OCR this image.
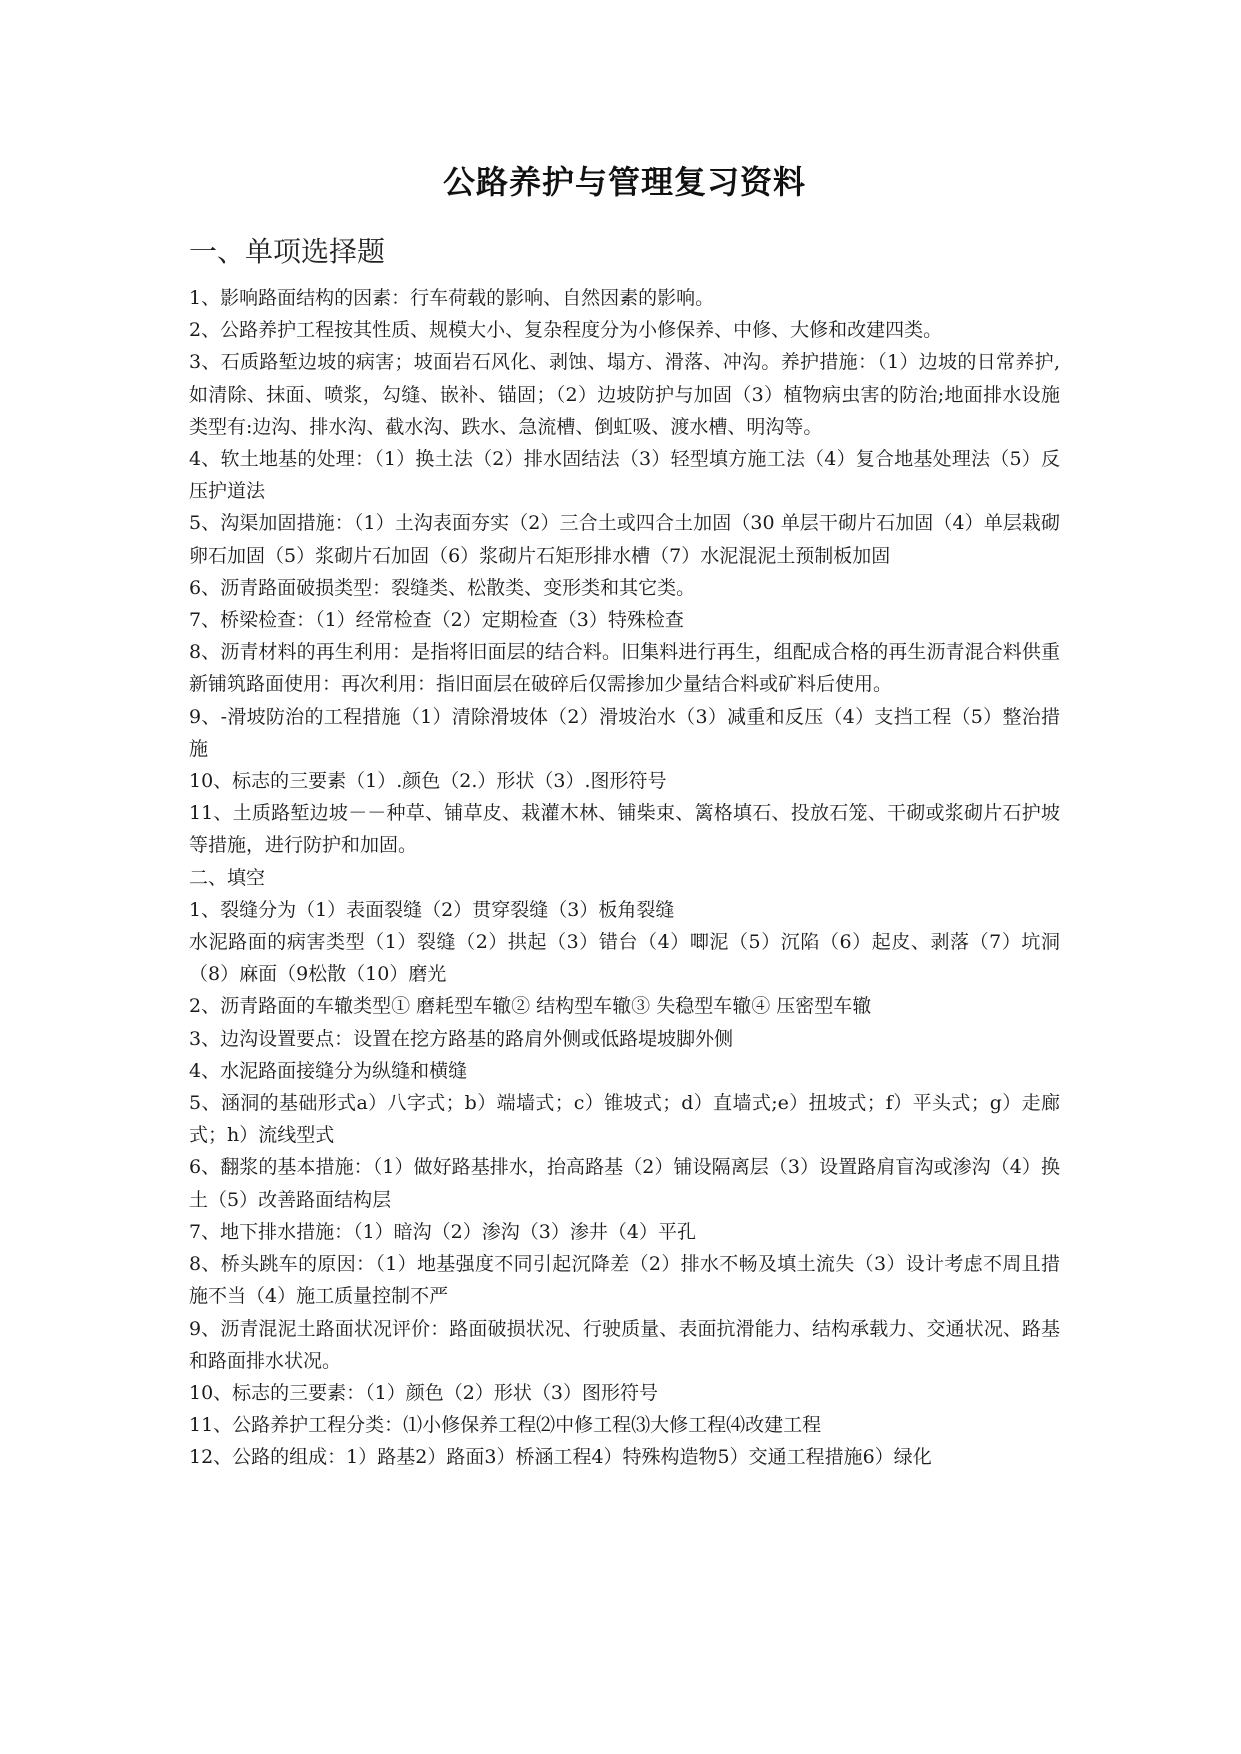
公路养护与管理复习资料
一、单项选择题

1、影响路面结构的因素：行车荷载的影响、自然因素的影响。

2、公路养护工程按其性质、规模大小、复杂程度分为小修保养、中修、大修和改建四类。

3、石质路堑边坡的病害；坡面岩石风化、剥蚀、塌方、滑落、冲沟。养护措施：（1）边坡的日常养护,如清除、抹面、喷浆，勾缝、嵌补、锚固；（2）边坡防护与加固（3）植物病虫害的防治;地面排水设施类型有:边沟、排水沟、截水沟、跌水、急流槽、倒虹吸、渡水槽、明沟等。

4、软土地基的处理：（1）换土法（2）排水固结法（3）轻型填方施工法（4）复合地基处理法（5）反压护道法

5、沟渠加固措施：（1）土沟表面夯实（2）三合土或四合土加固（30 单层干砌片石加固（4）单层栽砌卵石加固（5）浆砌片石加固（6）浆砌片石矩形排水槽（7）水泥混泥土预制板加固

6、沥青路面破损类型：裂缝类、松散类、变形类和其它类。

7、桥梁检查：（1）经常检查（2）定期检查（3）特殊检查

8、沥青材料的再生利用：是指将旧面层的结合料。旧集料进行再生，组配成合格的再生沥青混合料供重新铺筑路面使用：再次利用：指旧面层在破碎后仅需掺加少量结合料或矿料后使用。

9、-滑坡防治的工程措施（1）清除滑坡体（2）滑坡治水（3）减重和反压（4）支挡工程（5）整治措施

10、标志的三要素（1）.颜色（2.）形状（3）.图形符号

11、土质路堑边坡－－种草、铺草皮、栽灌木林、铺柴束、篱格填石、投放石笼、干砌或浆砌片石护坡等措施，进行防护和加固。

二、填空

1、裂缝分为（1）表面裂缝（2）贯穿裂缝（3）板角裂缝

水泥路面的病害类型（1）裂缝（2）拱起（3）错台（4）唧泥（5）沉陷（6）起皮、剥落（7）坑洞（8）麻面（9松散（10）磨光

2、沥青路面的车辙类型① 磨耗型车辙② 结构型车辙③ 失稳型车辙④ 压密型车辙

3、边沟设置要点：设置在挖方路基的路肩外侧或低路堤坡脚外侧

4、水泥路面接缝分为纵缝和横缝

5、涵洞的基础形式a）八字式；b）端墙式；c）锥坡式；d）直墙式;e）扭坡式；f）平头式；g）走廊式；h）流线型式

6、翻浆的基本措施：（1）做好路基排水，抬高路基（2）铺设隔离层（3）设置路肩盲沟或渗沟（4）换土（5）改善路面结构层

7、地下排水措施：（1）暗沟（2）渗沟（3）渗井（4）平孔

8、桥头跳车的原因：（1）地基强度不同引起沉降差（2）排水不畅及填土流失（3）设计考虑不周且措施不当（4）施工质量控制不严

9、沥青混泥土路面状况评价：路面破损状况、行驶质量、表面抗滑能力、结构承载力、交通状况、路基和路面排水状况。

10、标志的三要素：（1）颜色（2）形状（3）图形符号

11、公路养护工程分类：⑴小修保养工程⑵中修工程⑶大修工程⑷改建工程

12、公路的组成：1）路基2）路面3）桥涵工程4）特殊构造物5）交通工程措施6）绿化
